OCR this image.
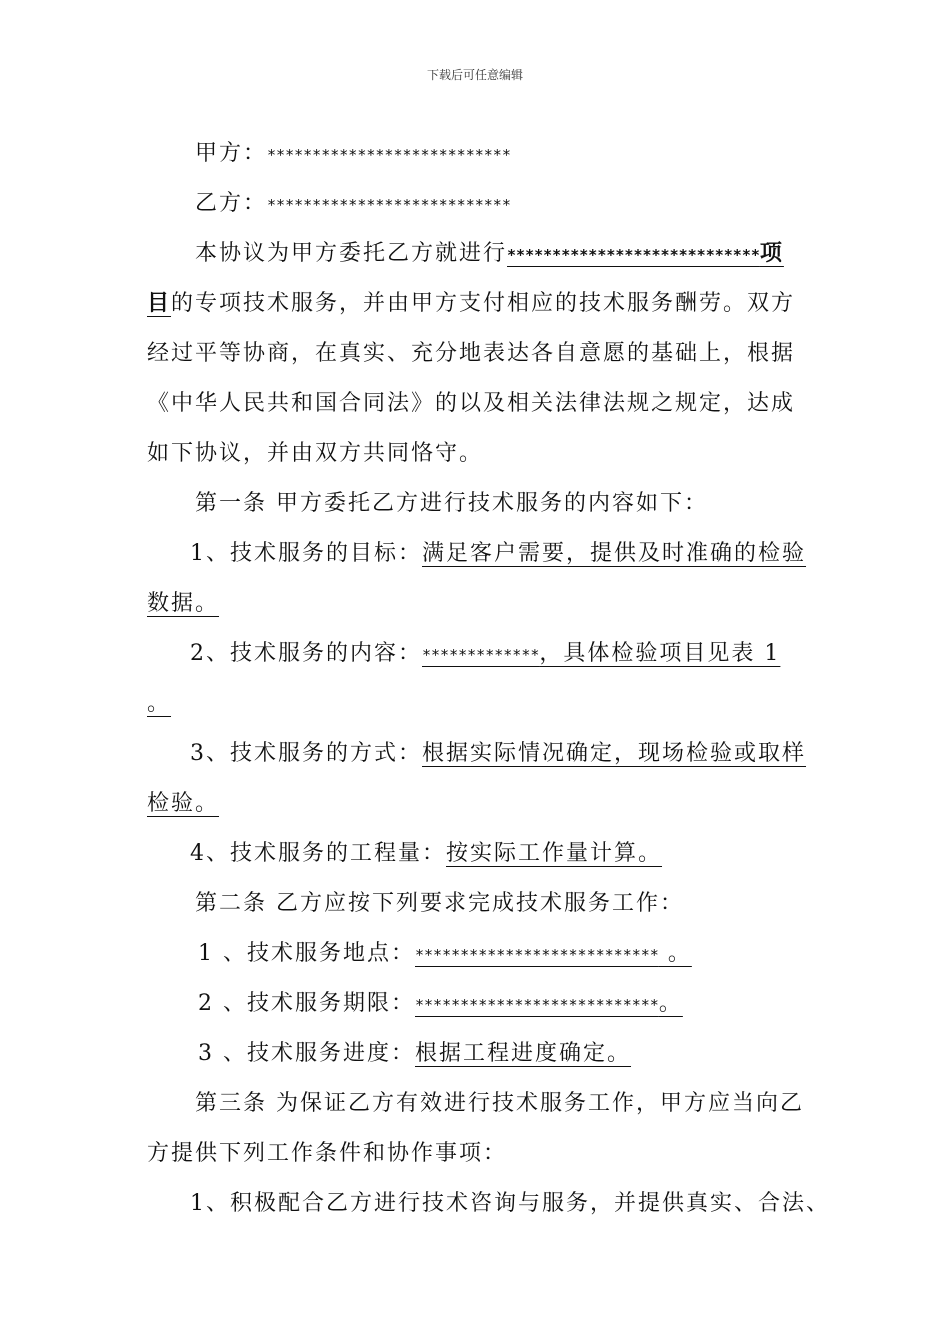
下载后可任意编辑
甲方：***************************
乙方：***************************
本协议为甲方委托乙方就进行****************************项
目的专项技术服务，并由甲方支付相应的技术服务酬劳。双方
经过平等协商，在真实、充分地表达各自意愿的基础上，根据
《中华人民共和国合同法》的以及相关法律法规之规定，达成
如下协议，并由双方共同恪守。
第一条 甲方委托乙方进行技术服务的内容如下：
1、技术服务的目标：满足客户需要，提供及时准确的检验
数据。
2、技术服务的内容：*************，具体检验项目见表 1
。
3、技术服务的方式：根据实际情况确定，现场检验或取样
检验。
4、技术服务的工程量：按实际工作量计算。
第二条 乙方应按下列要求完成技术服务工作：
1 、技术服务地点：*************************** 。
2 、技术服务期限：***************************。
3 、技术服务进度：根据工程进度确定。
第三条 为保证乙方有效进行技术服务工作，甲方应当向乙
方提供下列工作条件和协作事项：
1、积极配合乙方进行技术咨询与服务，并提供真实、合法、
